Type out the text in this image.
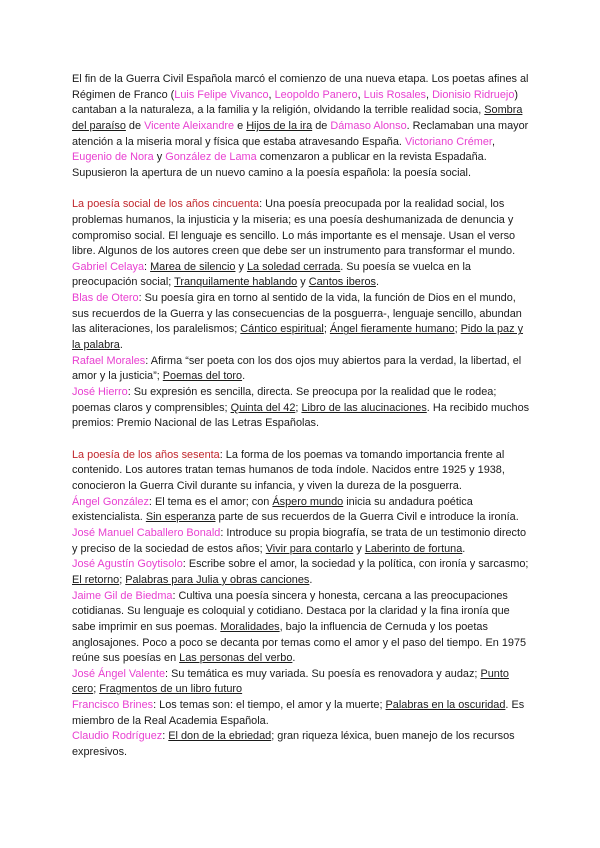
El fin de la Guerra Civil Española marcó el comienzo de una nueva etapa. Los poetas afines al Régimen de Franco (Luis Felipe Vivanco, Leopoldo Panero, Luis Rosales, Dionisio Ridruejo) cantaban a la naturaleza, a la familia y la religión, olvidando la terrible realidad socia, Sombra del paraíso de Vicente Aleixandre e Hijos de la ira de Dámaso Alonso. Reclamaban una mayor atención a la miseria moral y física que estaba atravesando España. Victoriano Crémer, Eugenio de Nora y González de Lama comenzaron a publicar en la revista Espadaña. Supusieron la apertura de un nuevo camino a la poesía española: la poesía social.

La poesía social de los años cincuenta: Una poesía preocupada por la realidad social, los problemas humanos, la injusticia y la miseria; es una poesía deshumanizada de denuncia y compromiso social. El lenguaje es sencillo. Lo más importante es el mensaje. Usan el verso libre. Algunos de los autores creen que debe ser un instrumento para transformar el mundo.

Gabriel Celaya: Marea de silencio y La soledad cerrada. Su poesía se vuelca en la preocupación social; Tranquilamente hablando y Cantos iberos.

Blas de Otero: Su poesía gira en torno al sentido de la vida, la función de Dios en el mundo, sus recuerdos de la Guerra y las consecuencias de la posguerra-, lenguaje sencillo, abundan las aliteraciones, los paralelismos; Cántico espiritual; Ángel fieramente humano; Pido la paz y la palabra.

Rafael Morales: Afirma “ser poeta con los dos ojos muy abiertos para la verdad, la libertad, el amor y la justicia”; Poemas del toro.

José Hierro: Su expresión es sencilla, directa. Se preocupa por la realidad que le rodea; poemas claros y comprensibles; Quinta del 42; Libro de las alucinaciones. Ha recibido muchos premios: Premio Nacional de las Letras Españolas.

La poesía de los años sesenta: La forma de los poemas va tomando importancia frente al contenido. Los autores tratan temas humanos de toda índole. Nacidos entre 1925 y 1938, conocieron la Guerra Civil durante su infancia, y viven la dureza de la posguerra.

Ángel González: El tema es el amor; con Áspero mundo inicia su andadura poética existencialista. Sin esperanza parte de sus recuerdos de la Guerra Civil e introduce la ironía.

José Manuel Caballero Bonald: Introduce su propia biografía, se trata de un testimonio directo y preciso de la sociedad de estos años; Vivir para contarlo y Laberinto de fortuna.

José Agustín Goytisolo: Escribe sobre el amor, la sociedad y la política, con ironía y sarcasmo; El retorno; Palabras para Julia y obras canciones.

Jaime Gil de Biedma: Cultiva una poesía sincera y honesta, cercana a las preocupaciones cotidianas. Su lenguaje es coloquial y cotidiano. Destaca por la claridad y la fina ironía que sabe imprimir en sus poemas. Moralidades, bajo la influencia de Cernuda y los poetas anglosajones. Poco a poco se decanta por temas como el amor y el paso del tiempo. En 1975 reúne sus poesías en Las personas del verbo.

José Ángel Valente: Su temática es muy variada. Su poesía es renovadora y audaz; Punto cero; Fragmentos de un libro futuro

Francisco Brines: Los temas son: el tiempo, el amor y la muerte; Palabras en la oscuridad. Es miembro de la Real Academia Española.

Claudio Rodríguez: El don de la ebriedad; gran riqueza léxica, buen manejo de los recursos expresivos.
